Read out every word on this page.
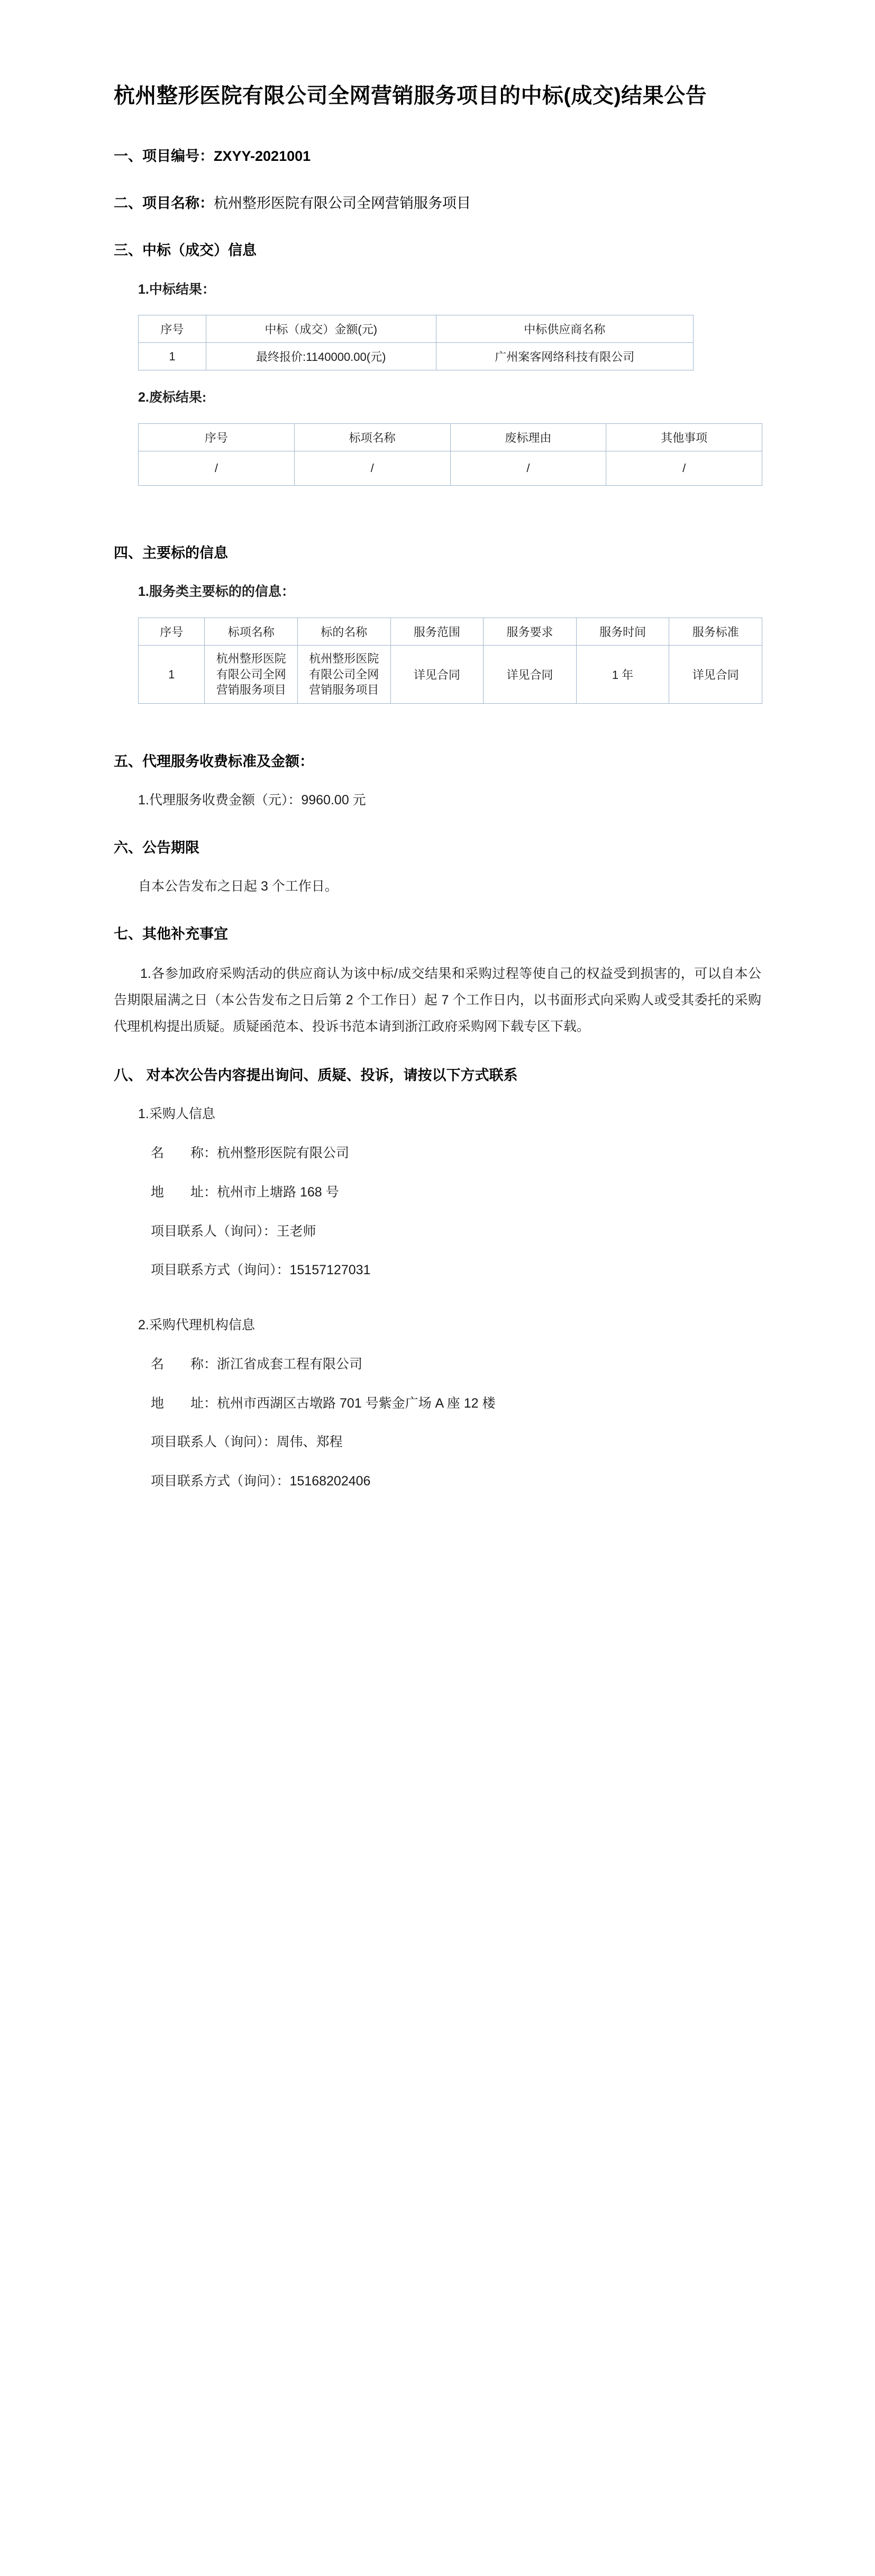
杭州整形医院有限公司全网营销服务项目的中标(成交)结果公告
一、项目编号：ZXYY-2021001
二、项目名称：杭州整形医院有限公司全网营销服务项目
三、中标（成交）信息
1.中标结果：
序号	中标（成交）金额(元)	中标供应商名称
1	最终报价:1140000.00(元)	广州案客网络科技有限公司
2.废标结果:
序号	标项名称	废标理由	其他事项
/	/	/	/
四、主要标的信息
1.服务类主要标的的信息：
序号	标项名称	标的名称	服务范围	服务要求	服务时间	服务标准
1	杭州整形医院有限公司全网营销服务项目	杭州整形医院有限公司全网营销服务项目	详见合同	详见合同	1 年	详见合同
五、代理服务收费标准及金额：
1.代理服务收费金额（元）：9960.00 元
六、公告期限
自本公告发布之日起 3 个工作日。
七、其他补充事宜
1.各参加政府采购活动的供应商认为该中标/成交结果和采购过程等使自己的权益受到损害的，可以自本公告期限届满之日（本公告发布之日后第 2 个工作日）起 7 个工作日内，以书面形式向采购人或受其委托的采购代理机构提出质疑。质疑函范本、投诉书范本请到浙江政府采购网下载专区下载。
八、 对本次公告内容提出询问、质疑、投诉，请按以下方式联系
1.采购人信息
名　　称：杭州整形医院有限公司
地　　址：杭州市上塘路 168 号
项目联系人（询问）：王老师
项目联系方式（询问）：15157127031
2.采购代理机构信息
名　　称：浙江省成套工程有限公司
地　　址：杭州市西湖区古墩路 701 号紫金广场 A 座 12 楼
项目联系人（询问）：周伟、郑程
项目联系方式（询问）：15168202406
